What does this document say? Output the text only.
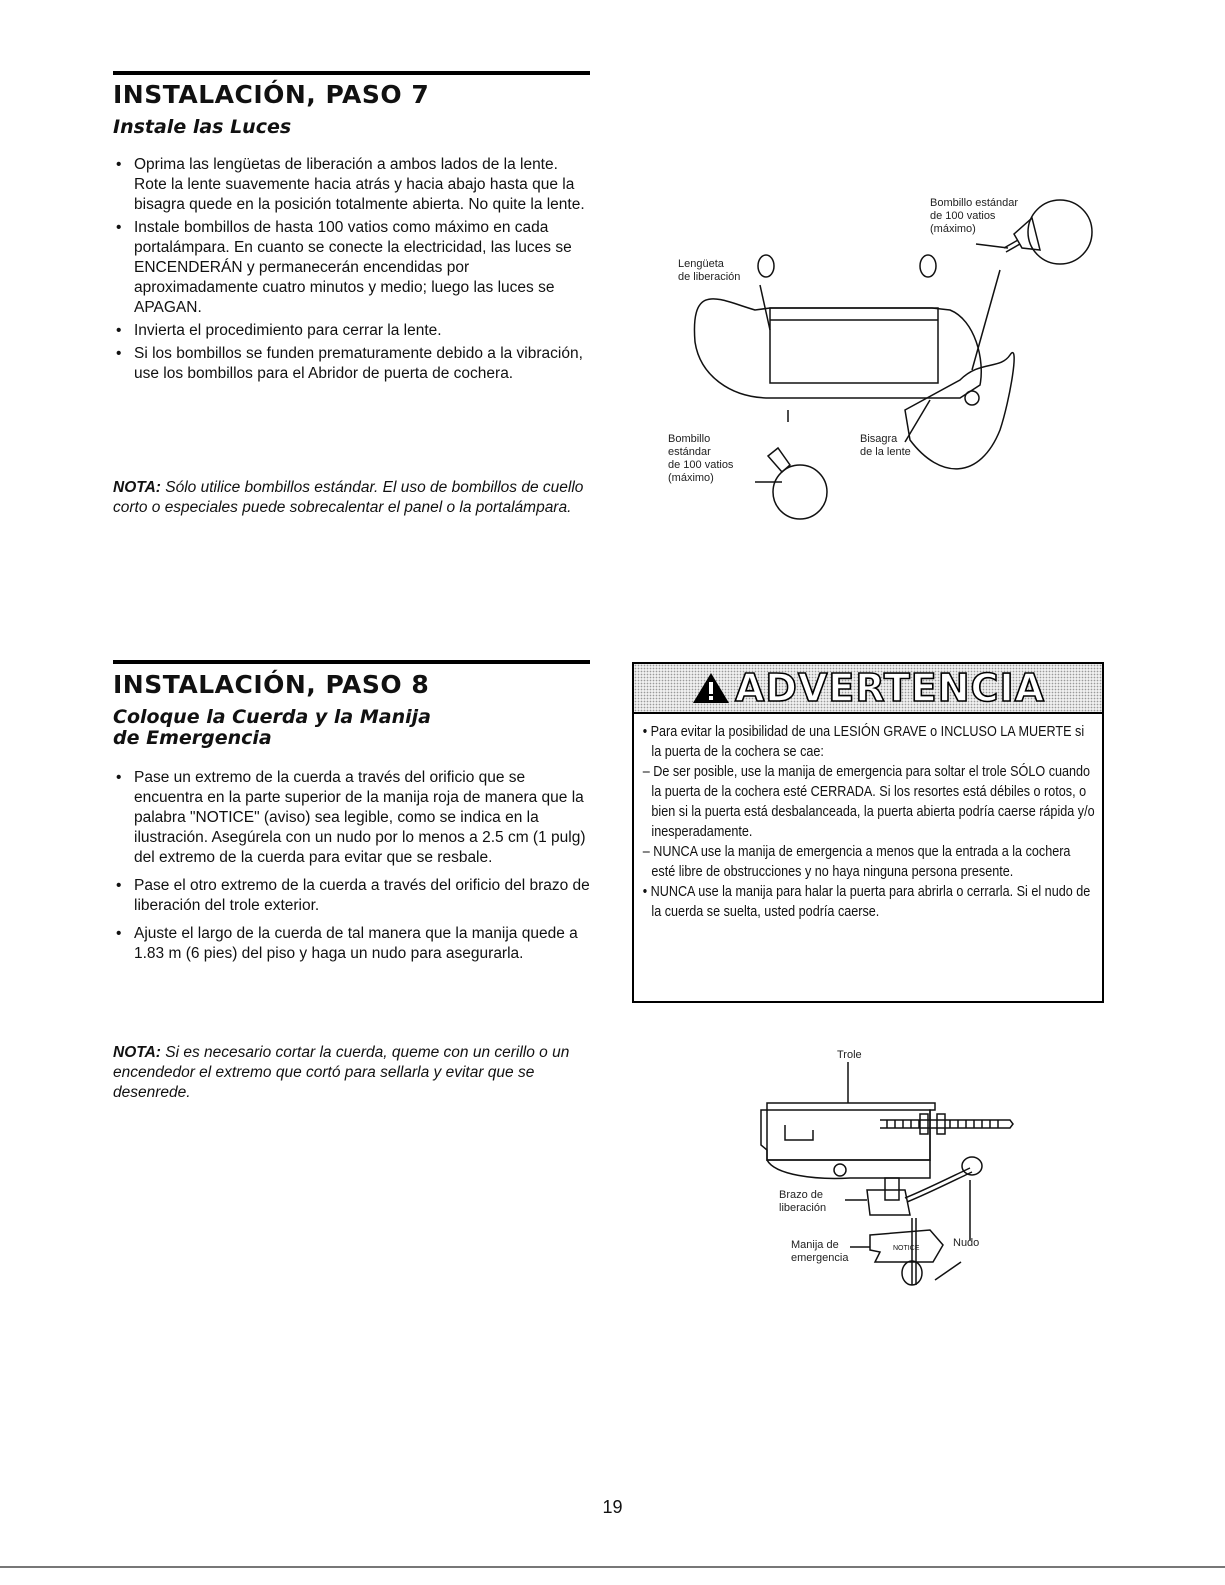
INSTALACIÓN, PASO 7
Instale las Luces
• Oprima las lengüetas de liberación a ambos lados de la lente. Rote la lente suavemente hacia atrás y hacia abajo hasta que la bisagra quede en la posición totalmente abierta. No quite la lente.
• Instale bombillos de hasta 100 vatios como máximo en cada portalámpara. En cuanto se conecte la electricidad, las luces se ENCENDERÁN y permanecerán encendidas por aproximadamente cuatro minutos y medio; luego las luces se APAGAN.
• Invierta el procedimiento para cerrar la lente.
• Si los bombillos se funden prematuramente debido a la vibración, use los bombillos para el Abridor de puerta de cochera.

NOTA: Sólo utilice bombillos estándar. El uso de bombillos de cuello corto o especiales puede sobrecalentar el panel o la portalámpara.

Bombillo estándar de 100 vatios (máximo)
Lengüeta de liberación
Bombillo estándar de 100 vatios (máximo)
Bisagra de la lente
INSTALACIÓN, PASO 8
Coloque la Cuerda y la Manija
de Emergencia
• Pase un extremo de la cuerda a través del orificio que se encuentra en la parte superior de la manija roja de manera que la palabra "NOTICE" (aviso) sea legible, como se indica en la ilustración. Asegúrela con un nudo por lo menos a 2.5 cm (1 pulg) del extremo de la cuerda para evitar que se resbale.
• Pase el otro extremo de la cuerda a través del orificio del brazo de liberación del trole exterior.
• Ajuste el largo de la cuerda de tal manera que la manija quede a 1.83 m (6 pies) del piso y haga un nudo para asegurarla.

NOTA: Si es necesario cortar la cuerda, queme con un cerillo o un encendedor el extremo que cortó para sellarla y evitar que se desenrede.

ADVERTENCIA
• Para evitar la posibilidad de una LESIÓN GRAVE o INCLUSO LA MUERTE si la puerta de la cochera se cae:
– De ser posible, use la manija de emergencia para soltar el trole SÓLO cuando la puerta de la cochera esté CERRADA. Si los resortes está débiles o rotos, o bien si la puerta está desbalanceada, la puerta abierta podría caerse rápida y/o inesperadamente.
– NUNCA use la manija de emergencia a menos que la entrada a la cochera esté libre de obstrucciones y no haya ninguna persona presente.
• NUNCA use la manija para halar la puerta para abrirla o cerrarla. Si el nudo de la cuerda se suelta, usted podría caerse.
Trole
Brazo de liberación
Manija de emergencia
Nudo
NOTICE
19
